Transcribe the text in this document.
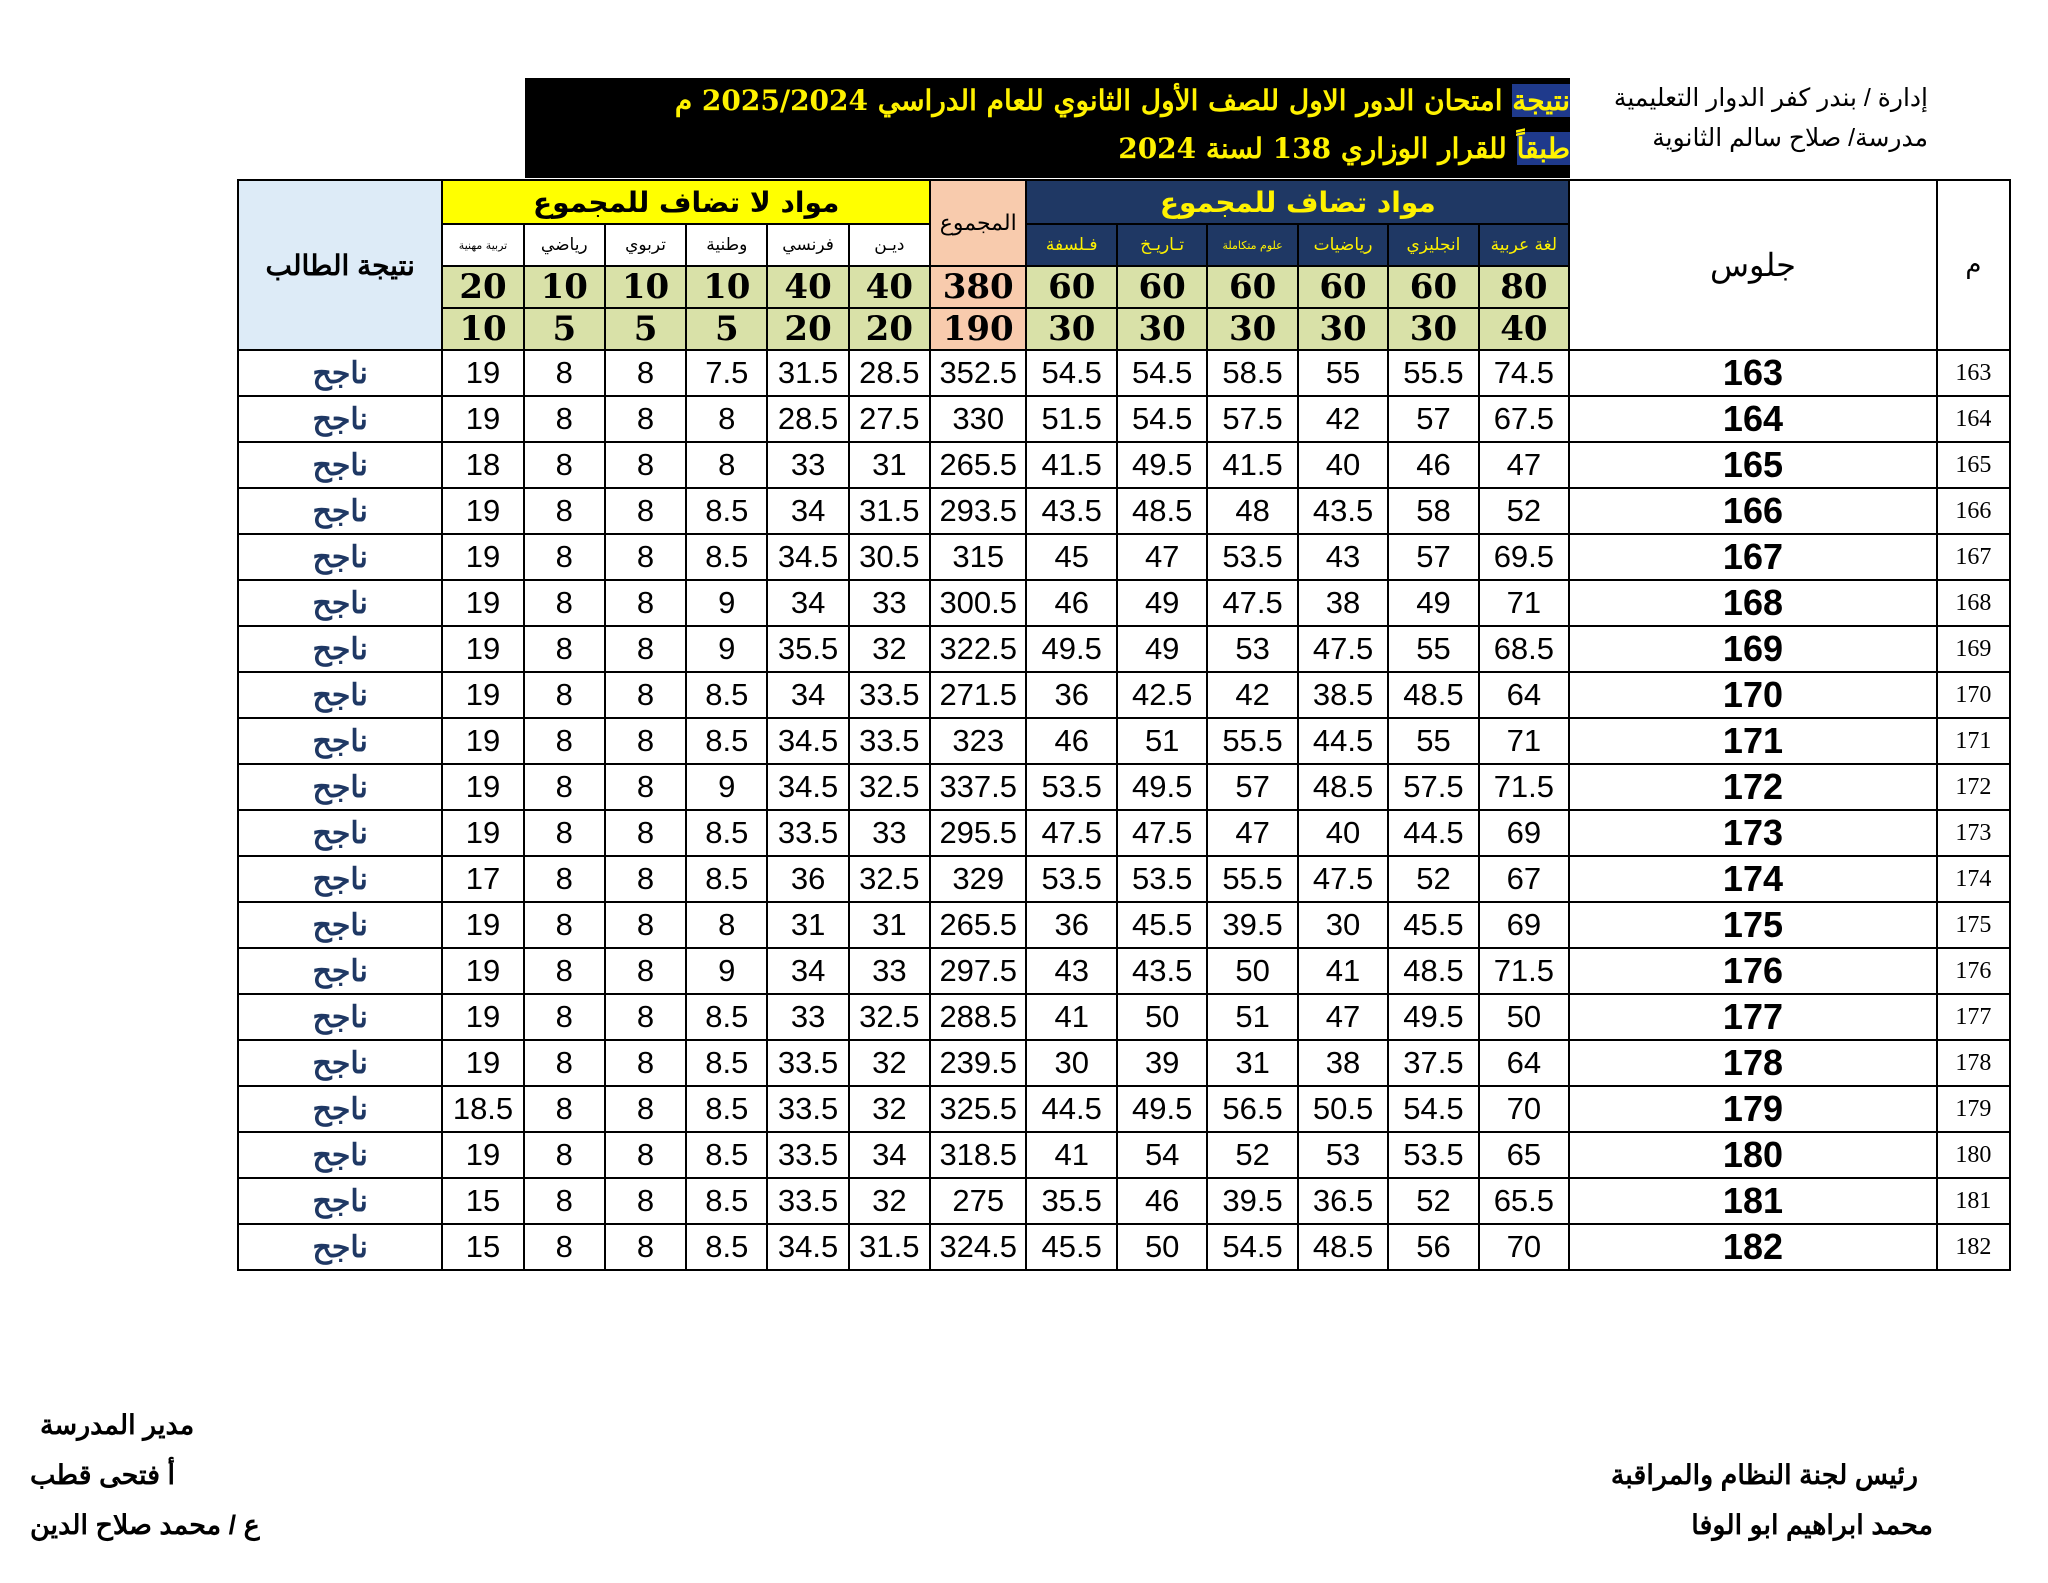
إدارة / بندر كفر الدوار التعليمية
مدرسة/ صلاح سالم الثانوية
نتيجة امتحان الدور الاول للصف الأول الثانوي للعام الدراسي 2025/2024 م
طبقاً للقرار الوزاري 138 لسنة 2024
م	جلوس	مواد تضاف للمجموع						المجموع	مواد لا تضاف للمجموع						نتيجة الطالب
		لغة عربية	انجليزي	رياضيات	علوم متكاملة	تـاريـخ	فـلسفة		ديـن	فرنسي	وطنية	تربوي	رياضي	تربية مهنية	
		80	60	60	60	60	60	380	40	40	10	10	10	20	
		40	30	30	30	30	30	190	20	20	5	5	5	10	
163	163	74.5	55.5	55	58.5	54.5	54.5	352.5	28.5	31.5	7.5	8	8	19	ناجح
164	164	67.5	57	42	57.5	54.5	51.5	330	27.5	28.5	8	8	8	19	ناجح
165	165	47	46	40	41.5	49.5	41.5	265.5	31	33	8	8	8	18	ناجح
166	166	52	58	43.5	48	48.5	43.5	293.5	31.5	34	8.5	8	8	19	ناجح
167	167	69.5	57	43	53.5	47	45	315	30.5	34.5	8.5	8	8	19	ناجح
168	168	71	49	38	47.5	49	46	300.5	33	34	9	8	8	19	ناجح
169	169	68.5	55	47.5	53	49	49.5	322.5	32	35.5	9	8	8	19	ناجح
170	170	64	48.5	38.5	42	42.5	36	271.5	33.5	34	8.5	8	8	19	ناجح
171	171	71	55	44.5	55.5	51	46	323	33.5	34.5	8.5	8	8	19	ناجح
172	172	71.5	57.5	48.5	57	49.5	53.5	337.5	32.5	34.5	9	8	8	19	ناجح
173	173	69	44.5	40	47	47.5	47.5	295.5	33	33.5	8.5	8	8	19	ناجح
174	174	67	52	47.5	55.5	53.5	53.5	329	32.5	36	8.5	8	8	17	ناجح
175	175	69	45.5	30	39.5	45.5	36	265.5	31	31	8	8	8	19	ناجح
176	176	71.5	48.5	41	50	43.5	43	297.5	33	34	9	8	8	19	ناجح
177	177	50	49.5	47	51	50	41	288.5	32.5	33	8.5	8	8	19	ناجح
178	178	64	37.5	38	31	39	30	239.5	32	33.5	8.5	8	8	19	ناجح
179	179	70	54.5	50.5	56.5	49.5	44.5	325.5	32	33.5	8.5	8	8	18.5	ناجح
180	180	65	53.5	53	52	54	41	318.5	34	33.5	8.5	8	8	19	ناجح
181	181	65.5	52	36.5	39.5	46	35.5	275	32	33.5	8.5	8	8	15	ناجح
182	182	70	56	48.5	54.5	50	45.5	324.5	31.5	34.5	8.5	8	8	15	ناجح
مدير المدرسة
أ فتحى قطب
ع / محمد صلاح الدين
رئيس لجنة النظام والمراقبة
محمد ابراهيم ابو الوفا
